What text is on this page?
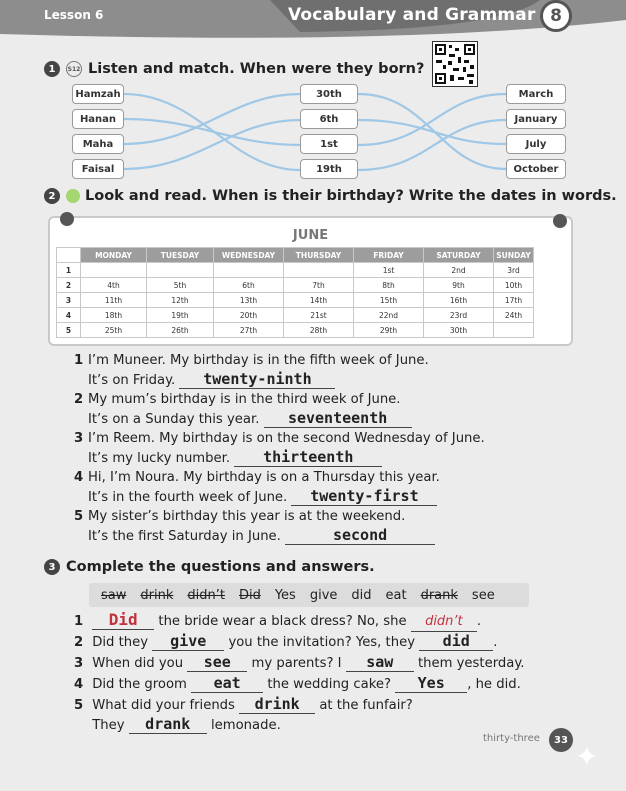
Lesson 6	Vocabulary and Grammar 8
1	S12 Listen and match. When were they born?
Hamzah
Hanan
Maha
Faisal
30th
6th
1st
19th
March
January
July
October
2	Look and read. When is their birthday? Write the dates in words.
JUNE
	MONDAY	TUESDAY	WEDNESDAY	THURSDAY	FRIDAY	SATURDAY	SUNDAY
1					1st	2nd	3rd
2	4th	5th	6th	7th	8th	9th	10th
3	11th	12th	13th	14th	15th	16th	17th
4	18th	19th	20th	21st	22nd	23rd	24th
5	25th	26th	27th	28th	29th	30th	
1 I’m Muneer. My birthday is in the fifth week of June.
It’s on Friday. twenty-ninth
2 My mum’s birthday is in the third week of June.
It’s on a Sunday this year. seventeenth
3 I’m Reem. My birthday is on the second Wednesday of June.
It’s my lucky number. thirteenth
4 Hi, I’m Noura. My birthday is on a Thursday this year.
It’s in the fourth week of June. twenty-first
5 My sister’s birthday this year is at the weekend.
It’s the first Saturday in June.	second
3 Complete the questions and answers.
saw drink didn’t Did Yes give did eat drank see
1 Did the bride wear a black dress? No, she didn’t .
2 Did they give you the invitation? Yes, they did .
3 When did you see my parents? I saw them yesterday.
4 Did the groom eat the wedding cake? Yes , he did.
5 What did your friends drink at the funfair?
They drank lemonade.
thirty-three	33 ✦
